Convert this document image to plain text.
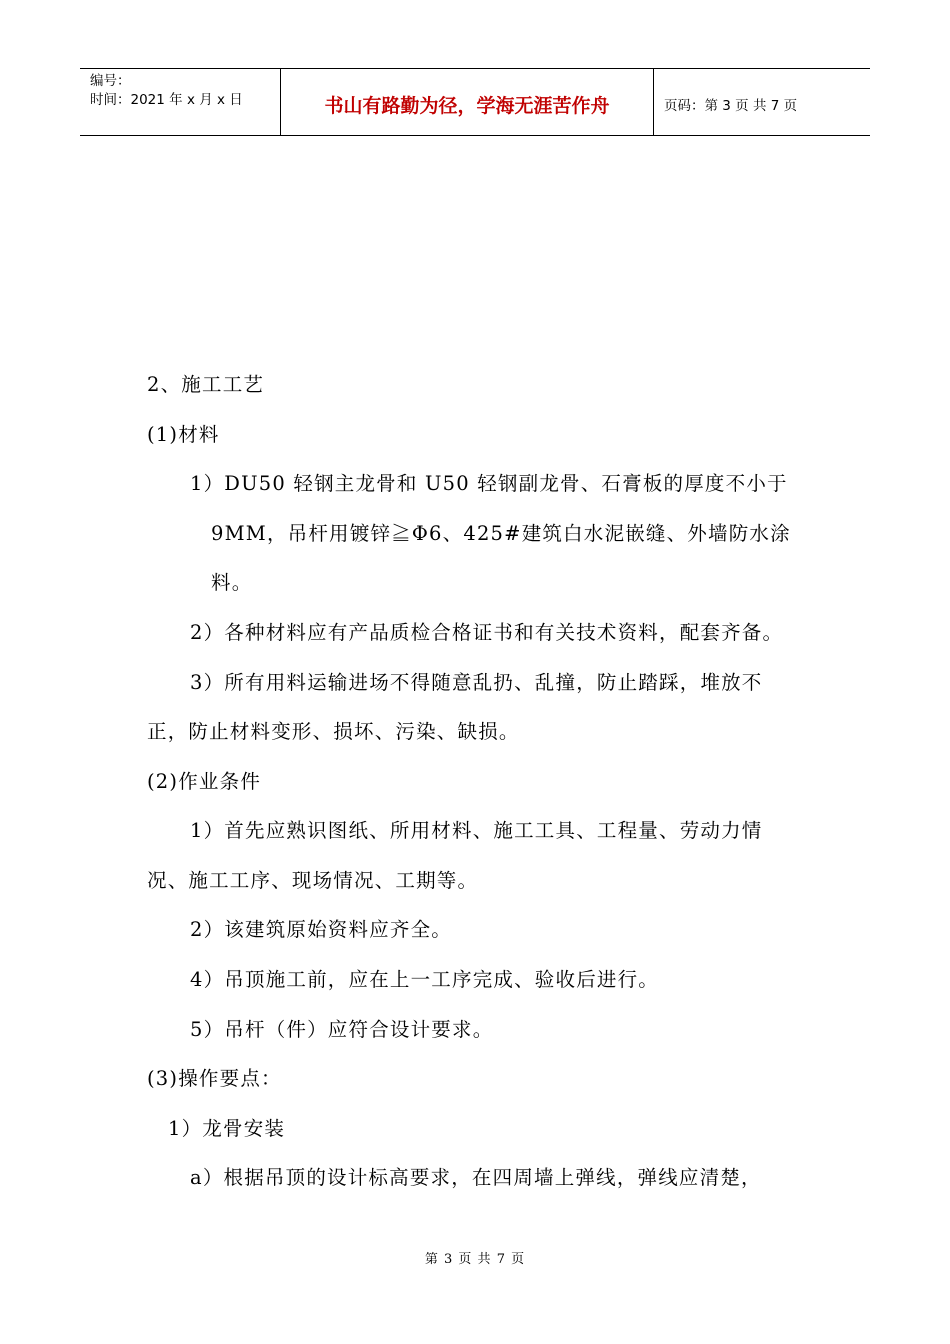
编号：
时间：2021 年 x 月 x 日	书山有路勤为径，学海无涯苦作舟	页码：第 3 页 共 7 页
2、施工工艺
(1)材料
1）DU50 轻钢主龙骨和 U50 轻钢副龙骨、石膏板的厚度不小于
9MM，吊杆用镀锌≧Φ6、425#建筑白水泥嵌缝、外墙防水涂
料。
2）各种材料应有产品质检合格证书和有关技术资料，配套齐备。
3）所有用料运输进场不得随意乱扔、乱撞，防止踏踩，堆放不
正，防止材料变形、损坏、污染、缺损。
(2)作业条件
1）首先应熟识图纸、所用材料、施工工具、工程量、劳动力情
况、施工工序、现场情况、工期等。
2）该建筑原始资料应齐全。
4）吊顶施工前，应在上一工序完成、验收后进行。
5）吊杆（件）应符合设计要求。
(3)操作要点：
1）龙骨安装
a）根据吊顶的设计标高要求，在四周墙上弹线，弹线应清楚，
第 3 页 共 7 页
